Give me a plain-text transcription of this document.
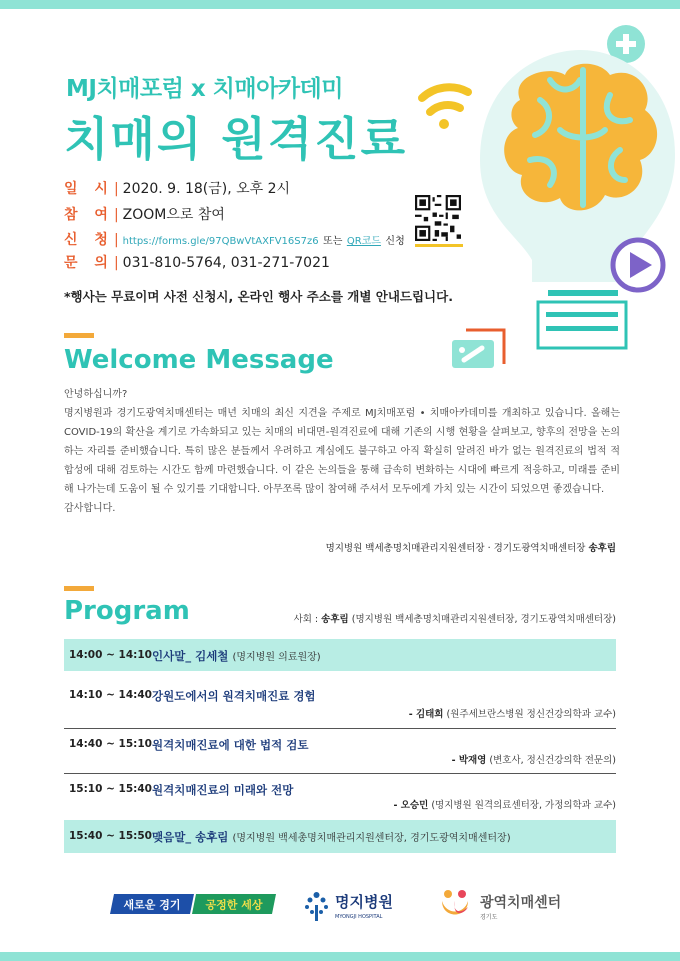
MJ치매포럼 x 치매아카데미
치매의 원격진료
일 시| 2020. 9. 18(금), 오후 2시
참 여| ZOOM으로 참여
신 청| https://forms.gle/97QBwVtAXFV16S7z6 또는 QR코드 신청
문 의| 031-810-5764, 031-271-7021
*행사는 무료이며 사전 신청시, 온라인 행사 주소를 개별 안내드립니다.
Welcome Message

안녕하십니까?

명지병원과 경기도광역치매센터는 매년 치매의 최신 지견을 주제로 MJ치매포럼 • 치매아카데미를 개최하고 있습니다. 올해는 COVID-19의 확산을 계기로 가속화되고 있는 치매의 비대면-원격진료에 대해 기존의 시행 현황을 살펴보고, 향후의 전망을 논의하는 자리를 준비했습니다. 특히 많은 분들께서 우려하고 계심에도 불구하고 아직 확실히 알려진 바가 없는 원격진료의 법적 적합성에 대해 검토하는 시간도 함께 마련했습니다. 이 같은 논의들을 통해 급속히 변화하는 시대에 빠르게 적응하고, 미래를 준비해 나가는데 도움이 될 수 있기를 기대합니다. 아무쪼록 많이 참여해 주셔서 모두에게 가치 있는 시간이 되었으면 좋겠습니다.

감사합니다.

명지병원 백세총명치매관리지원센터장 · 경기도광역치매센터장 송후림
Program	사회 : 송후림 (명지병원 백세총명치매관리지원센터장, 경기도광역치매센터장)
14:00 ~ 14:10 인사말_ 김세철 (명지병원 의료원장)
14:10 ~ 14:40 강원도에서의 원격치매진료 경험
- 김태희 (원주세브란스병원 정신건강의학과 교수)
14:40 ~ 15:10 원격치매진료에 대한 법적 검토
- 박재영 (변호사, 정신건강의학 전문의)
15:10 ~ 15:40 원격치매진료의 미래와 전망
- 오승민 (명지병원 원격의료센터장, 가정의학과 교수)
15:40 ~ 15:50 맺음말_ 송후림 (명지병원 백세총명치매관리지원센터장, 경기도광역치매센터장)
새로운 경기 공정한 세상	명지병원
MYONGJI HOSPITAL
광역치매센터
경기도
